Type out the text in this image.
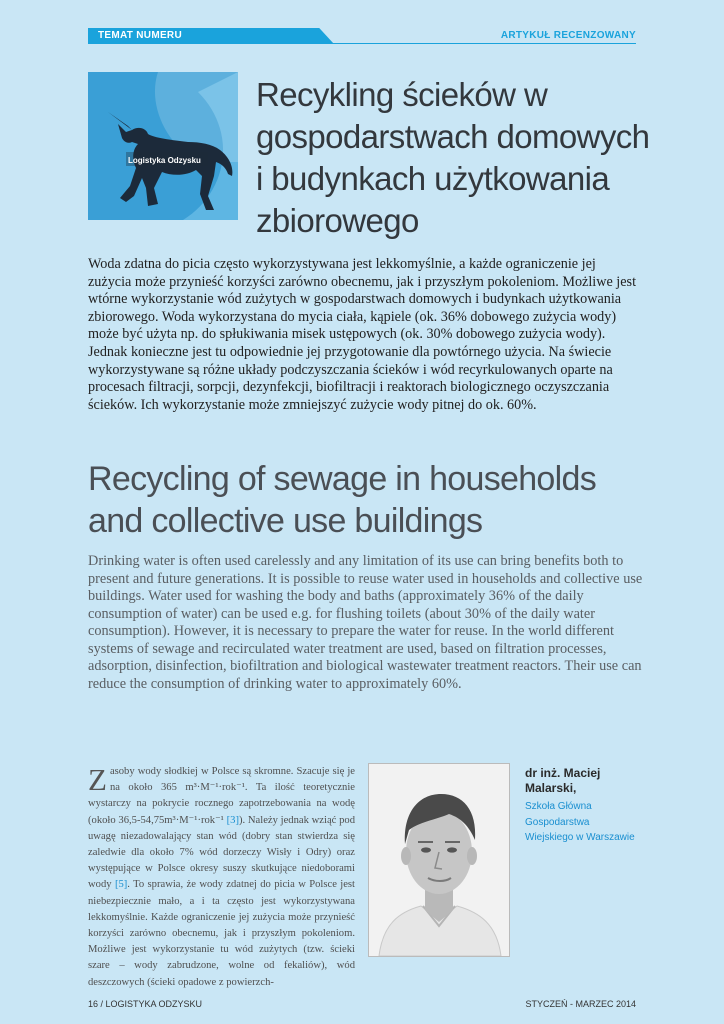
TEMAT NUMERU	ARTYKUŁ RECENZOWANY
Logistyka Odzysku
Recykling ścieków w gospodarstwach domowych i budynkach użytkowania zbiorowego

Woda zdatna do picia często wykorzystywana jest lekkomyślnie, a każde ograniczenie jej zużycia może przynieść korzyści zarówno obecnemu, jak i przyszłym pokoleniom. Możliwe jest wtórne wykorzystanie wód zużytych w gospodarstwach domowych i budynkach użytkowania zbiorowego. Woda wykorzystana do mycia ciała, kąpiele (ok. 36% dobowego zużycia wody) może być użyta np. do spłukiwania misek ustępowych (ok. 30% dobowego zużycia wody). Jednak konieczne jest tu odpowiednie jej przygotowanie dla powtórnego użycia. Na świecie wykorzystywane są różne układy podczyszczania ścieków i wód recyrkulowanych oparte na procesach filtracji, sorpcji, dezynfekcji, biofiltracji i reaktorach biologicznego oczyszczania ścieków. Ich wykorzystanie może zmniejszyć zużycie wody pitnej do ok. 60%.

Recycling of sewage in households and collective use buildings

Drinking water is often used carelessly and any limitation of its use can bring benefits both to present and future generations. It is possible to reuse water used in households and collective use buildings. Water used for washing the body and baths (approximately 36% of the daily consumption of water) can be used e.g. for flushing toilets (about 30% of the daily water consumption). However, it is necessary to prepare the water for reuse. In the world different systems of sewage and recirculated water treatment are used, based on filtration processes, adsorption, disinfection, biofiltration and biological wastewater treatment reactors. Their use can reduce the consumption of drinking water to approximately 60%.

Zasoby wody słodkiej w Polsce są skromne. Szacuje się je na około 365 m³·M⁻¹·rok⁻¹. Ta ilość teoretycznie wystarczy na pokrycie rocznego zapotrzebowania na wodę (około 36,5-54,75m³·M⁻¹·rok⁻¹ [3]). Należy jednak wziąć pod uwagę niezadowalający stan wód (dobry stan stwierdza się zaledwie dla około 7% wód dorzeczy Wisły i Odry) oraz występujące w Polsce okresy suszy skutkujące niedoborami wody [5]. To sprawia, że wody zdatnej do picia w Polsce jest niebezpiecznie mało, a i ta często jest wykorzystywana lekkomyślnie. Każde ograniczenie jej zużycia może przynieść korzyści zarówno obecnemu, jak i przyszłym pokoleniom. Możliwe jest wykorzystanie tu wód zużytych (tzw. ścieki szare – wody zabrudzone, wolne od fekaliów), wód deszczowych (ścieki opadowe z powierzch-

dr inż. Maciej Malarski,
Szkoła Główna Gospodarstwa Wiejskiego w Warszawie
16 / LOGISTYKA ODZYSKU	STYCZEŃ - MARZEC 2014
